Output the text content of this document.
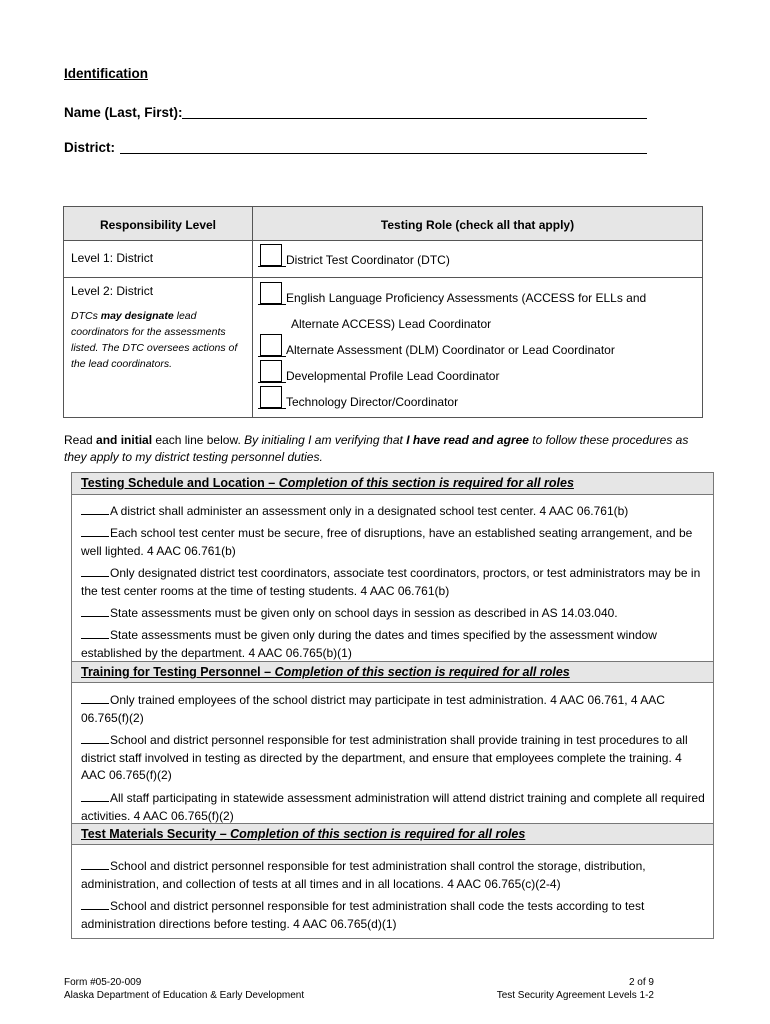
Identification
Name (Last, First):
District:
Responsibility Level	Testing Role (check all that apply)
Level 1: District
Level 2: District
DTCs may designate lead coordinators for the assessments listed. The DTC oversees actions of the lead coordinators.
District Test Coordinator (DTC)
English Language Proficiency Assessments (ACCESS for ELLs and
Alternate ACCESS) Lead Coordinator
Alternate Assessment (DLM) Coordinator or Lead Coordinator
Developmental Profile Lead Coordinator
Technology Director/Coordinator
Read and initial each line below. By initialing I am verifying that I have read and agree to follow these procedures as they apply to my district testing personnel duties.
Testing Schedule and Location – Completion of this section is required for all roles
A district shall administer an assessment only in a designated school test center. 4 AAC 06.761(b)
Each school test center must be secure, free of disruptions, have an established seating arrangement, and be well lighted. 4 AAC 06.761(b)
Only designated district test coordinators, associate test coordinators, proctors, or test administrators may be in the test center rooms at the time of testing students. 4 AAC 06.761(b)
State assessments must be given only on school days in session as described in AS 14.03.040.
State assessments must be given only during the dates and times specified by the assessment window established by the department. 4 AAC 06.765(b)(1)
Training for Testing Personnel – Completion of this section is required for all roles
Only trained employees of the school district may participate in test administration. 4 AAC 06.761, 4 AAC 06.765(f)(2)
School and district personnel responsible for test administration shall provide training in test procedures to all district staff involved in testing as directed by the department, and ensure that employees complete the training. 4 AAC 06.765(f)(2)
All staff participating in statewide assessment administration will attend district training and complete all required activities. 4 AAC 06.765(f)(2)
Test Materials Security – Completion of this section is required for all roles
School and district personnel responsible for test administration shall control the storage, distribution, administration, and collection of tests at all times and in all locations. 4 AAC 06.765(c)(2-4)
School and district personnel responsible for test administration shall code the tests according to test administration directions before testing. 4 AAC 06.765(d)(1)
Form #05-20-009
Alaska Department of Education & Early Development
2 of 9
Test Security Agreement Levels 1-2
